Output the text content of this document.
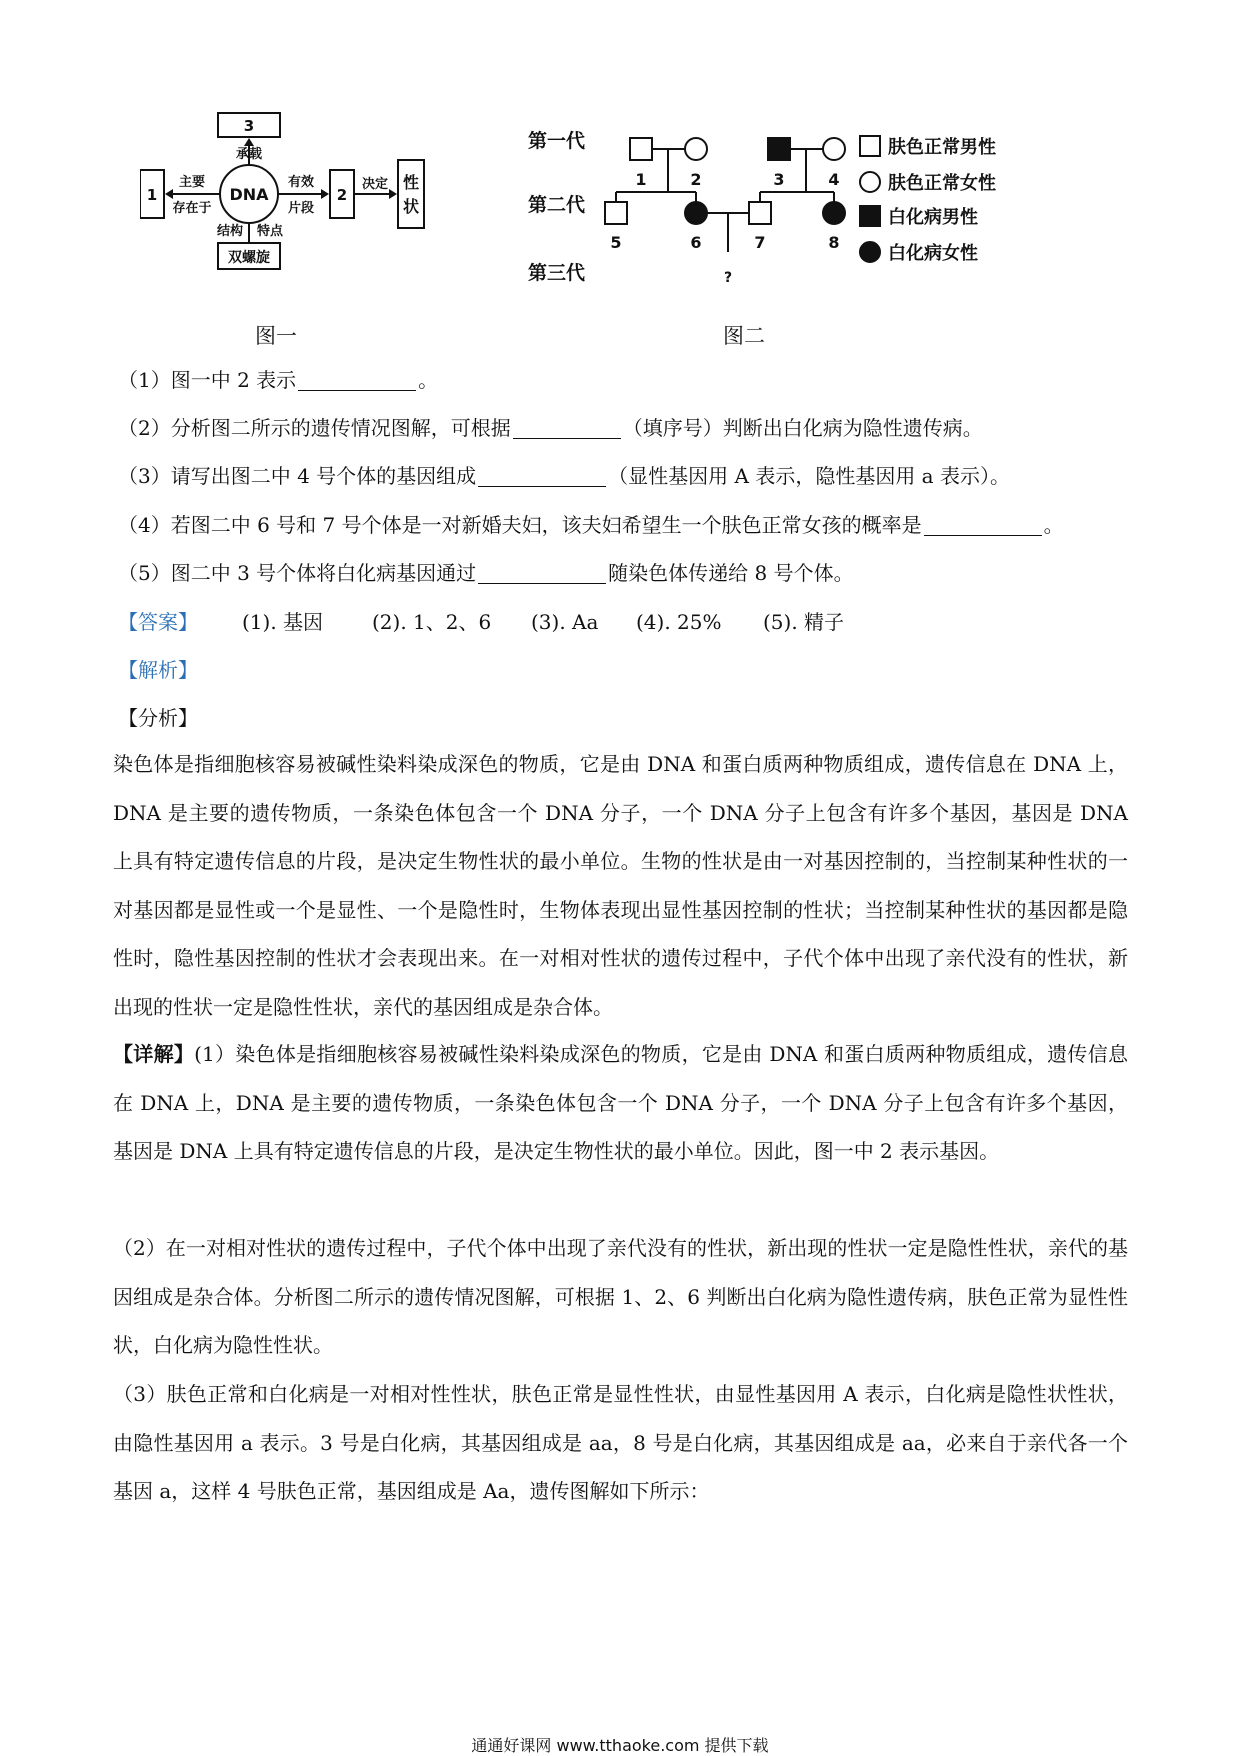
3
1	2
DNA
承载
主要
存在于
有效
片段
决定 性
状
结构 特点
双螺旋
图一
第一代
第二代
第三代
1	2	3	4
5	6	7	8
?
肤色正常男性
肤色正常女性
白化病男性
白化病女性
图二
（1）图一中 2 表示	。
（2）分析图二所示的遗传情况图解，可根据	（填序号）判断出白化病为隐性遗传病。
（3）请写出图二中 4 号个体的基因组成	（显性基因用 A 表示，隐性基因用 a 表示）。
（4）若图二中 6 号和 7 号个体是一对新婚夫妇，该夫妇希望生一个肤色正常女孩的概率是	。
（5）图二中 3 号个体将白化病基因通过	随染色体传递给 8 号个体。
【答案】 (1). 基因 (2). 1、2、6 (3). Aa (4). 25% (5). 精子
【解析】
【分析】
染色体是指细胞核容易被碱性染料染成深色的物质，它是由 DNA 和蛋白质两种物质组成，遗传信息在 DNA 上，DNA 是主要的遗传物质，一条染色体包含一个 DNA 分子，一个 DNA 分子上包含有许多个基因，基因是 DNA 上具有特定遗传信息的片段，是决定生物性状的最小单位。生物的性状是由一对基因控制的，当控制某种性状的一对基因都是显性或一个是显性、一个是隐性时，生物体表现出显性基因控制的性状；当控制某种性状的基因都是隐性时，隐性基因控制的性状才会表现出来。在一对相对性状的遗传过程中，子代个体中出现了亲代没有的性状，新出现的性状一定是隐性性状，亲代的基因组成是杂合体。
【详解】(1）染色体是指细胞核容易被碱性染料染成深色的物质，它是由 DNA 和蛋白质两种物质组成，遗传信息在 DNA 上，DNA 是主要的遗传物质，一条染色体包含一个 DNA 分子，一个 DNA 分子上包含有许多个基因，基因是 DNA 上具有特定遗传信息的片段，是决定生物性状的最小单位。因此，图一中 2 表示基因。
（2）在一对相对性状的遗传过程中，子代个体中出现了亲代没有的性状，新出现的性状一定是隐性性状，亲代的基因组成是杂合体。分析图二所示的遗传情况图解，可根据 1、2、6 判断出白化病为隐性遗传病，肤色正常为显性性状，白化病为隐性性状。
（3）肤色正常和白化病是一对相对性性状，肤色正常是显性性状，由显性基因用 A 表示，白化病是隐性状性状，由隐性基因用 a 表示。3 号是白化病，其基因组成是 aa，8 号是白化病，其基因组成是 aa，必来自于亲代各一个基因 a，这样 4 号肤色正常，基因组成是 Aa，遗传图解如下所示：
通通好课网 www.tthaoke.com 提供下载
